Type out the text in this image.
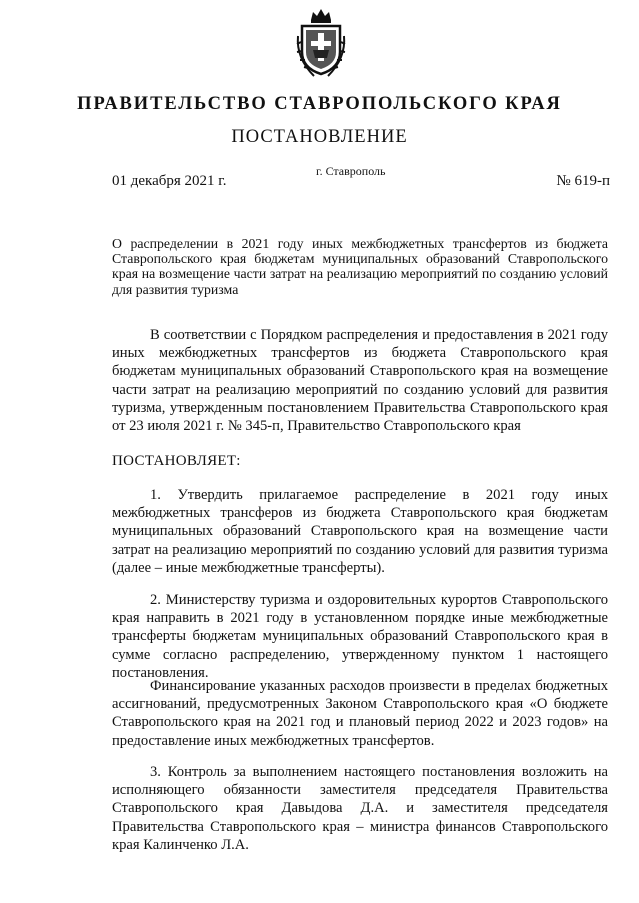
ПРАВИТЕЛЬСТВО СТАВРОПОЛЬСКОГО КРАЯ
ПОСТАНОВЛЕНИЕ
01 декабря 2021 г.
г. Ставрополь
№ 619-п
О распределении в 2021 году иных межбюджетных трансфертов из бюджета Ставропольского края бюджетам муниципальных образований Ставропольского края на возмещение части затрат на реализацию мероприятий по созданию условий для развития туризма
В соответствии с Порядком распределения и предоставления в 2021 году иных межбюджетных трансфертов из бюджета Ставропольского края бюджетам муниципальных образований Ставропольского края на возмещение части затрат на реализацию мероприятий по созданию условий для развития туризма, утвержденным постановлением Правительства Ставропольского края от 23 июля 2021 г. № 345-п, Правительство Ставропольского края
ПОСТАНОВЛЯЕТ:
1. Утвердить прилагаемое распределение в 2021 году иных межбюджетных трансферов из бюджета Ставропольского края бюджетам муниципальных образований Ставропольского края на возмещение части затрат на реализацию мероприятий по созданию условий для развития туризма (далее – иные межбюджетные трансферты).
2. Министерству туризма и оздоровительных курортов Ставропольского края направить в 2021 году в установленном порядке иные межбюджетные трансферты бюджетам муниципальных образований Ставропольского края в сумме согласно распределению, утвержденному пунктом 1 настоящего постановления.
Финансирование указанных расходов произвести в пределах бюджетных ассигнований, предусмотренных Законом Ставропольского края «О бюджете Ставропольского края на 2021 год и плановый период 2022 и 2023 годов» на предоставление иных межбюджетных трансфертов.
3. Контроль за выполнением настоящего постановления возложить на исполняющего обязанности заместителя председателя Правительства Ставропольского края Давыдова Д.А. и заместителя председателя Правительства Ставропольского края – министра финансов Ставропольского края Калинченко Л.А.
